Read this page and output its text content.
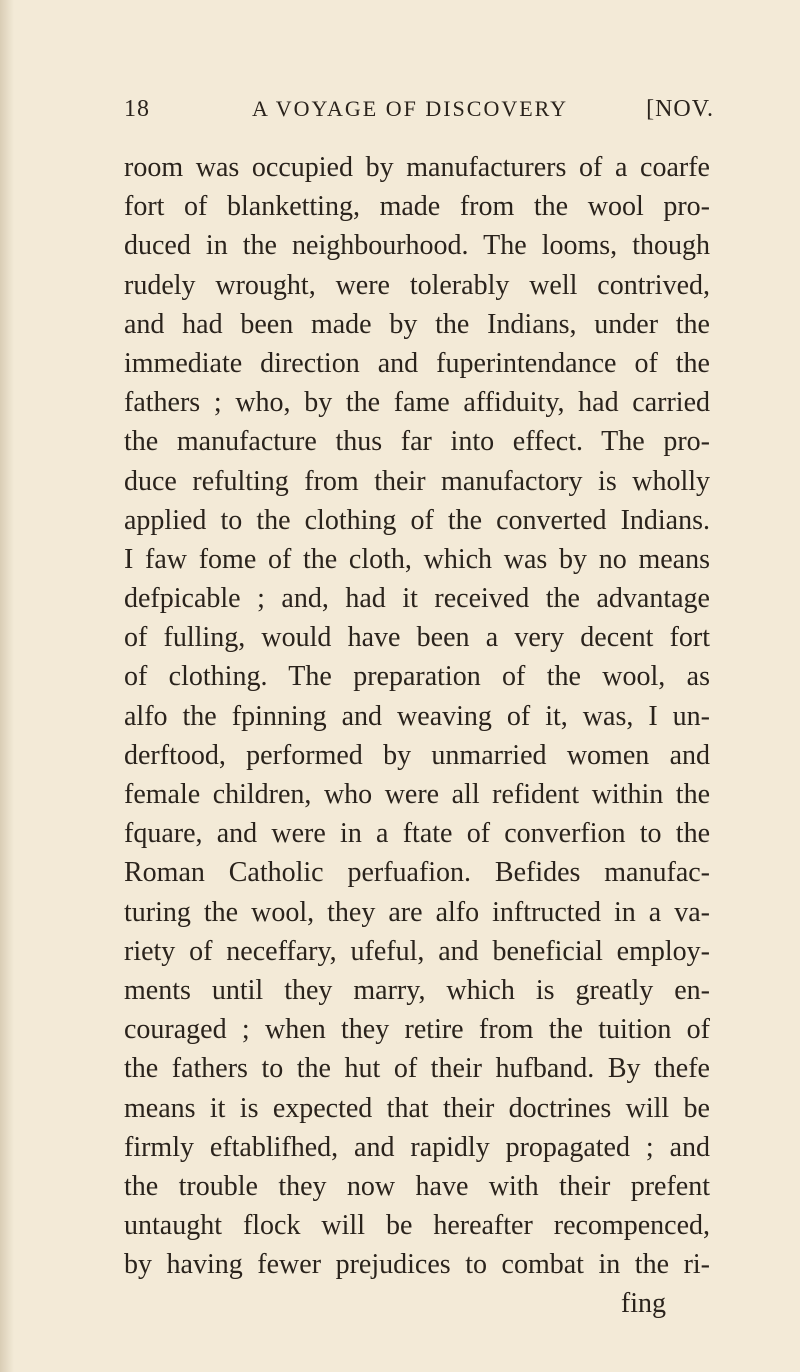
18	A VOYAGE OF DISCOVERY	[NOV.
room was occupied by manufacturers of a coarfe
fort of blanketting, made from the wool pro-
duced in the neighbourhood. The looms, though
rudely wrought, were tolerably well contrived,
and had been made by the Indians, under the
immediate direction and fuperintendance of the
fathers ; who, by the fame affiduity, had carried
the manufacture thus far into effect. The pro-
duce refulting from their manufactory is wholly
applied to the clothing of the converted Indians.
I faw fome of the cloth, which was by no means
defpicable ; and, had it received the advantage
of fulling, would have been a very decent fort
of clothing. The preparation of the wool, as
alfo the fpinning and weaving of it, was, I un-
derftood, performed by unmarried women and
female children, who were all refident within the
fquare, and were in a ftate of converfion to the
Roman Catholic perfuafion. Befides manufac-
turing the wool, they are alfo inftructed in a va-
riety of neceffary, ufeful, and beneficial employ-
ments until they marry, which is greatly en-
couraged ; when they retire from the tuition of
the fathers to the hut of their hufband. By thefe
means it is expected that their doctrines will be
firmly eftablifhed, and rapidly propagated ; and
the trouble they now have with their prefent
untaught flock will be hereafter recompenced,
by having fewer prejudices to combat in the ri-
fing
